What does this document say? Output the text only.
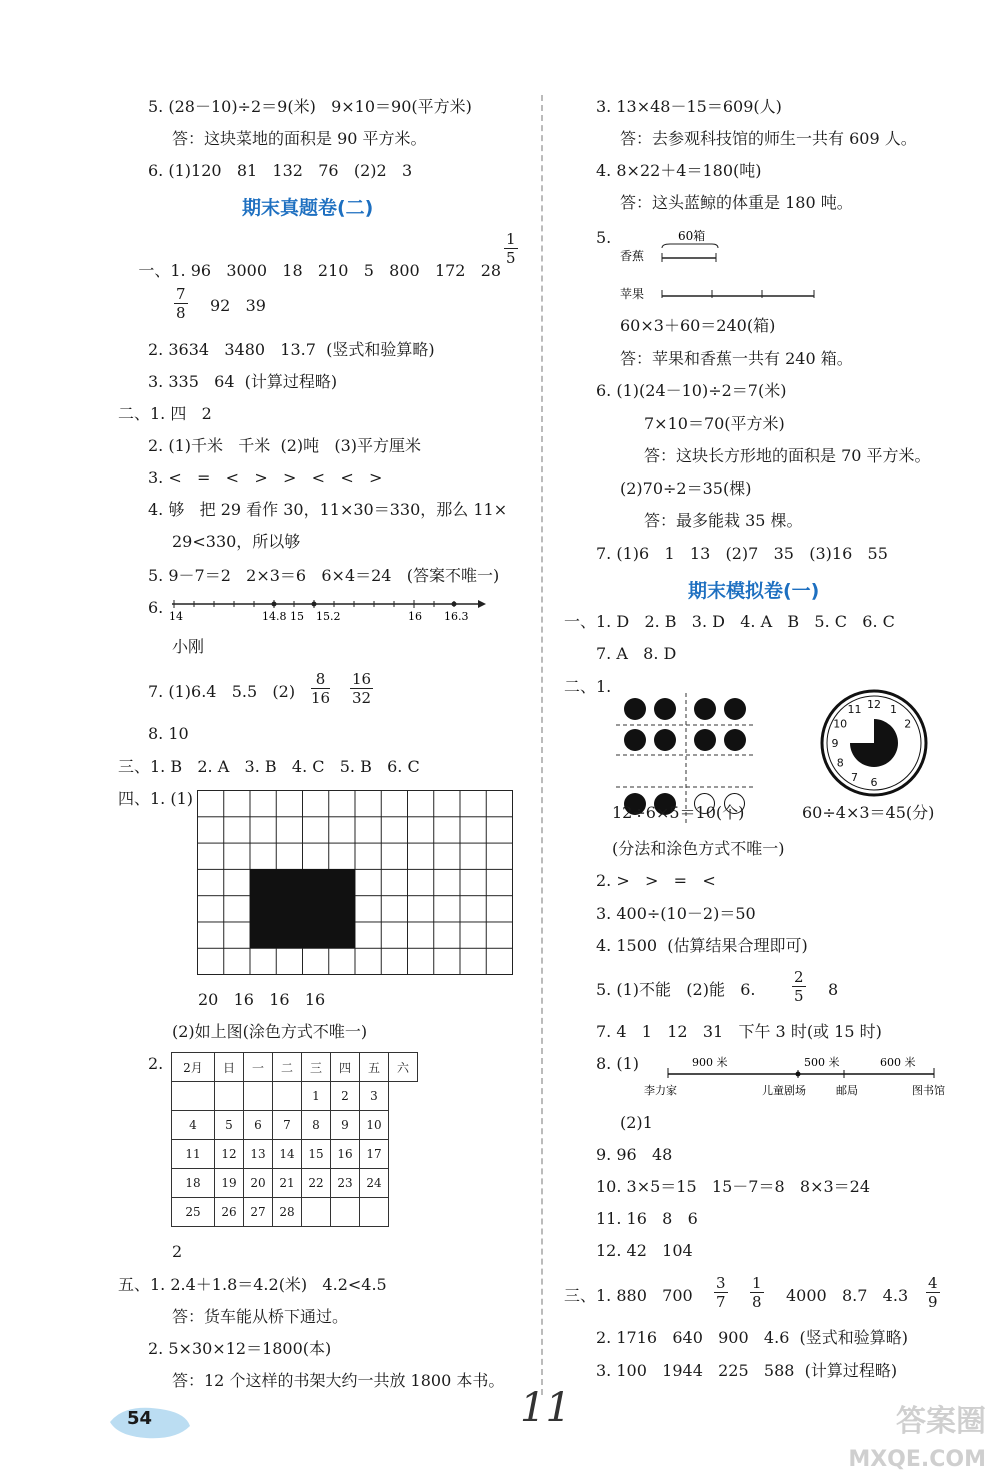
5. (28－10)÷2＝9(米)   9×10＝90(平方米)
答：这块菜地的面积是 90 平方米。
6. (1)120   81   132   76   (2)2   3
期末真题卷(二)

一、1. 96   3000   18   210   5   800   172   28

$\frac{1}{5}$
$\frac{7}{8} 92$   39
2. 3634   3480   13.7  (竖式和验算略)
3. 335   64  (计算过程略)
二、1. 四   2
2. (1)千米   千米  (2)吨   (3)平方厘米
3. <   =   <   >   >   <   <   >
4. 够   把 29 看作 30，11×30＝330，那么 11×
29<330，所以够
5. 9－7＝2   2×3＝6   6×4＝24   (答案不唯一)
6. 14	14.8 15 15.2	16 16.3
小刚
7. (1)6.4   5.5   $(2) \frac{8}{16} \frac{16}{32}$
8. 10
三、1. B   2. A   3. B   4. C   5. B   6. C
四、1. (1)
20   16   16   16
(2)如上图(涂色方式不唯一)
2. 2月	日	一	二	三	四	五	六
				1	2	3	
4	5	6	7	8	9	10	
11	12	13	14	15	16	17	
18	19	20	21	22	23	24	
25	26	27	28				
2
五、1. 2.4＋1.8＝4.2(米)   4.2<4.5
答：货车能从桥下通过。
2. 5×30×12＝1800(本)
答：12 个这样的书架大约一共放 1800 本书。
3. 13×48－15＝609(人)
答：去参观科技馆的师生一共有 609 人。
4. 8×22＋4＝180(吨)
答：这头蓝鲸的体重是 180 吨。
5.
香蕉
60箱
苹果
60×3＋60＝240(箱)
答：苹果和香蕉一共有 240 箱。
6. (1)(24－10)÷2＝7(米)
7×10＝70(平方米)
答：这块长方形地的面积是 70 平方米。
(2)70÷2＝35(棵)
答：最多能栽 35 棵。
7. (1)6   1   13   (2)7   35   (3)16   55
期末模拟卷(一)
一、1. D   2. B   3. D   4. A   B   5. C   6. C
7. A   8. D
二、1.
12 1
2
3
4
5
6
7
8
9
10
11
12÷6×5＝10(个)	60÷4×3＝45(分)
(分法和涂色方式不唯一)
2. >   >   =   <
3. 400÷(10－2)＝50
4. 1500  (估算结果合理即可)
5. (1)不能   (2)能   6. $\frac{2}{5} 8$
7. 4   1   12   31   下午 3 时(或 15 时)
8. (1)	900 米	500 米	600 米
李力家	儿童剧场	邮局	图书馆
(2)1
9. 96   48
10. 3×5＝15   15－7＝8   8×3＝24
11. 16   8   6
12. 42   104
三、1. 880   $700 \frac{3}{7} \frac{1}{8} 4000$   8.7   $4.3 \frac{4}{9}$
2. 1716   640   900   4.6  (竖式和验算略)
3. 100   1944   225   588  (计算过程略)
54	11	答案圈
MXQE.COM
